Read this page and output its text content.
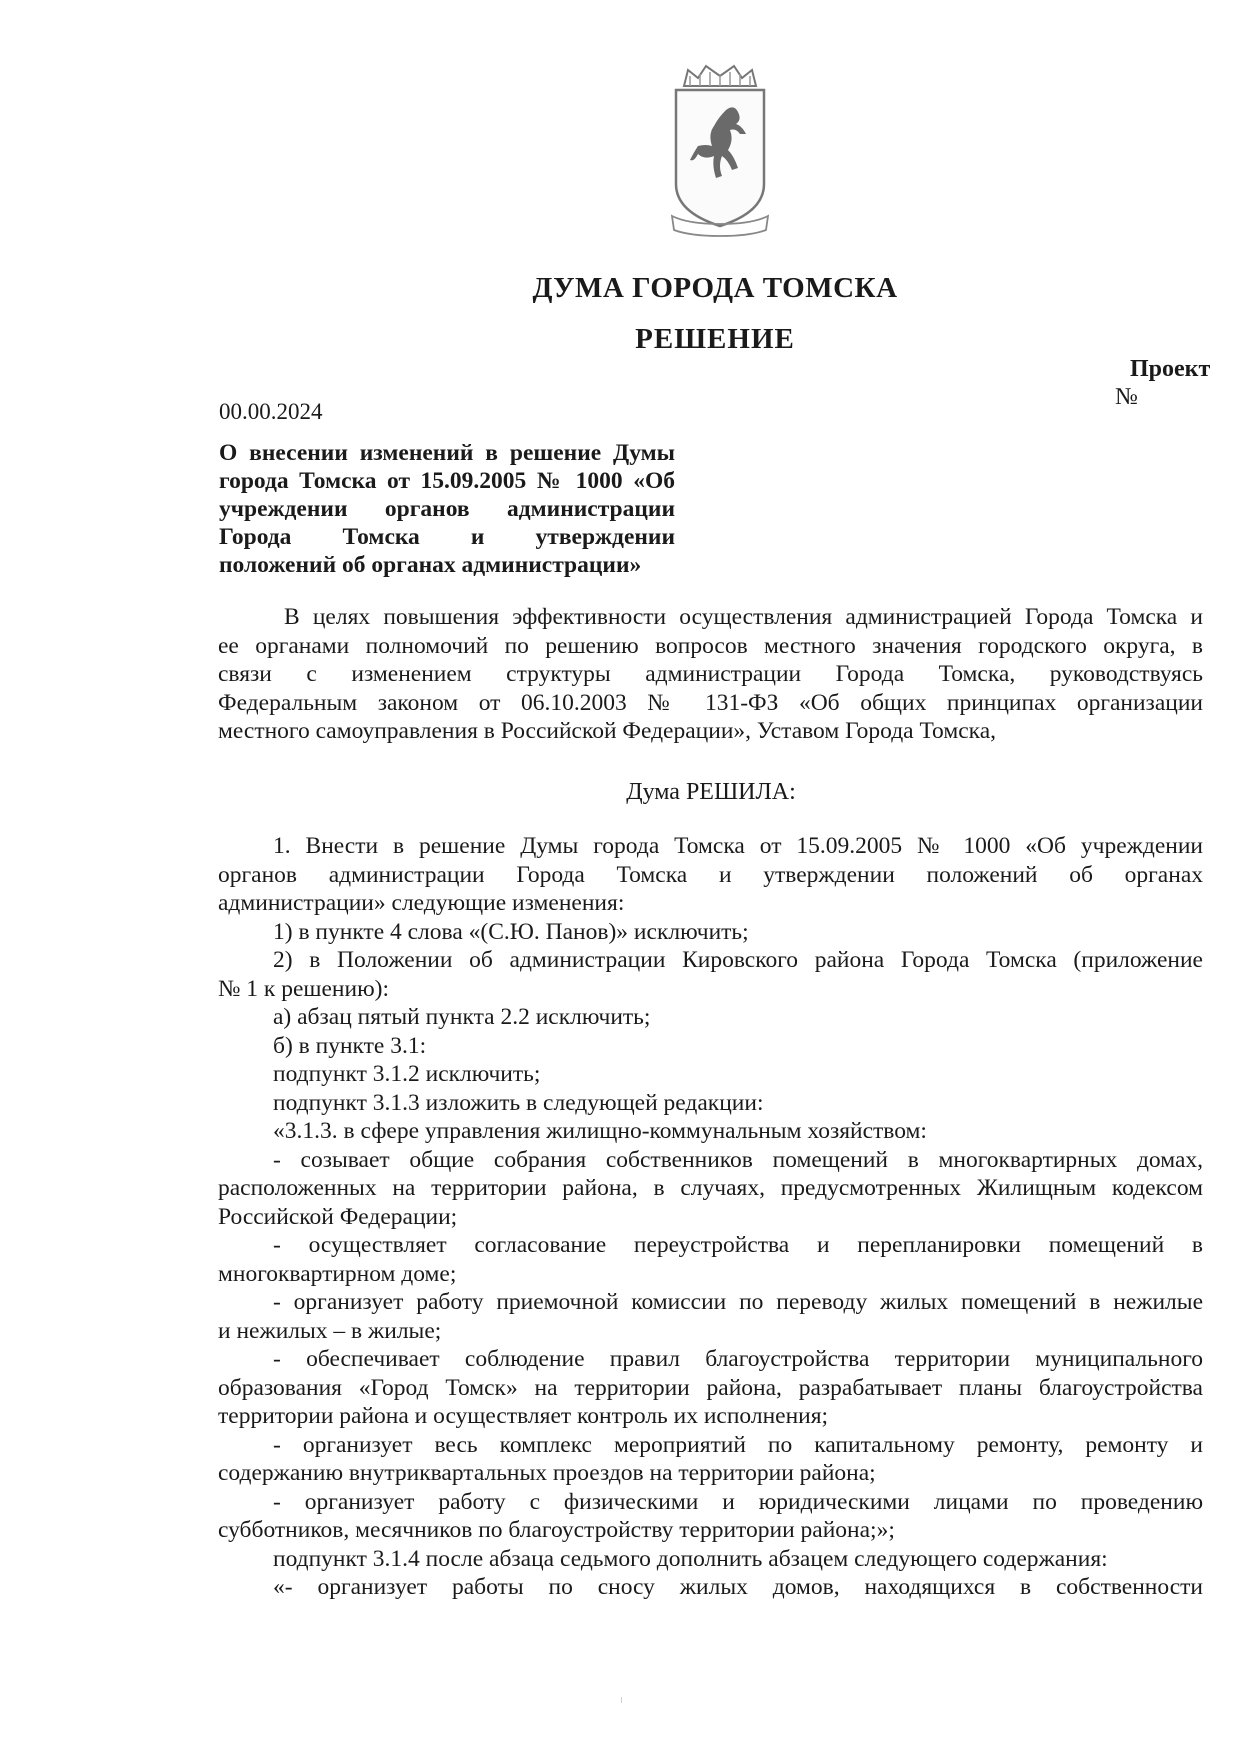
ДУМА ГОРОДА ТОМСКА
РЕШЕНИЕ
Проект
№
00.00.2024
О внесении изменений в решение Думы
города Томска от 15.09.2005 № 1000 «Об
учреждении органов администрации
Города Томска и утверждении
положений об органах администрации»
В целях повышения эффективности осуществления администрацией Города Томска и
ее органами полномочий по решению вопросов местного значения городского округа, в
связи с изменением структуры администрации Города Томска, руководствуясь
Федеральным законом от 06.10.2003 № 131-ФЗ «Об общих принципах организации
местного самоуправления в Российской Федерации», Уставом Города Томска,
Дума РЕШИЛА:
1. Внести в решение Думы города Томска от 15.09.2005 № 1000 «Об учреждении
органов администрации Города Томска и утверждении положений об органах
администрации» следующие изменения:
1) в пункте 4 слова «(С.Ю. Панов)» исключить;
2) в Положении об администрации Кировского района Города Томска (приложение
№ 1 к решению):
а) абзац пятый пункта 2.2 исключить;
б) в пункте 3.1:
подпункт 3.1.2 исключить;
подпункт 3.1.3 изложить в следующей редакции:
«3.1.3. в сфере управления жилищно-коммунальным хозяйством:
- созывает общие собрания собственников помещений в многоквартирных домах,
расположенных на территории района, в случаях, предусмотренных Жилищным кодексом
Российской Федерации;
- осуществляет согласование переустройства и перепланировки помещений в
многоквартирном доме;
- организует работу приемочной комиссии по переводу жилых помещений в нежилые
и нежилых – в жилые;
- обеспечивает соблюдение правил благоустройства территории муниципального
образования «Город Томск» на территории района, разрабатывает планы благоустройства
территории района и осуществляет контроль их исполнения;
- организует весь комплекс мероприятий по капитальному ремонту, ремонту и
содержанию внутриквартальных проездов на территории района;
- организует работу с физическими и юридическими лицами по проведению
субботников, месячников по благоустройству территории района;»;
подпункт 3.1.4 после абзаца седьмого дополнить абзацем следующего содержания:
«- организует работы по сносу жилых домов, находящихся в собственности
